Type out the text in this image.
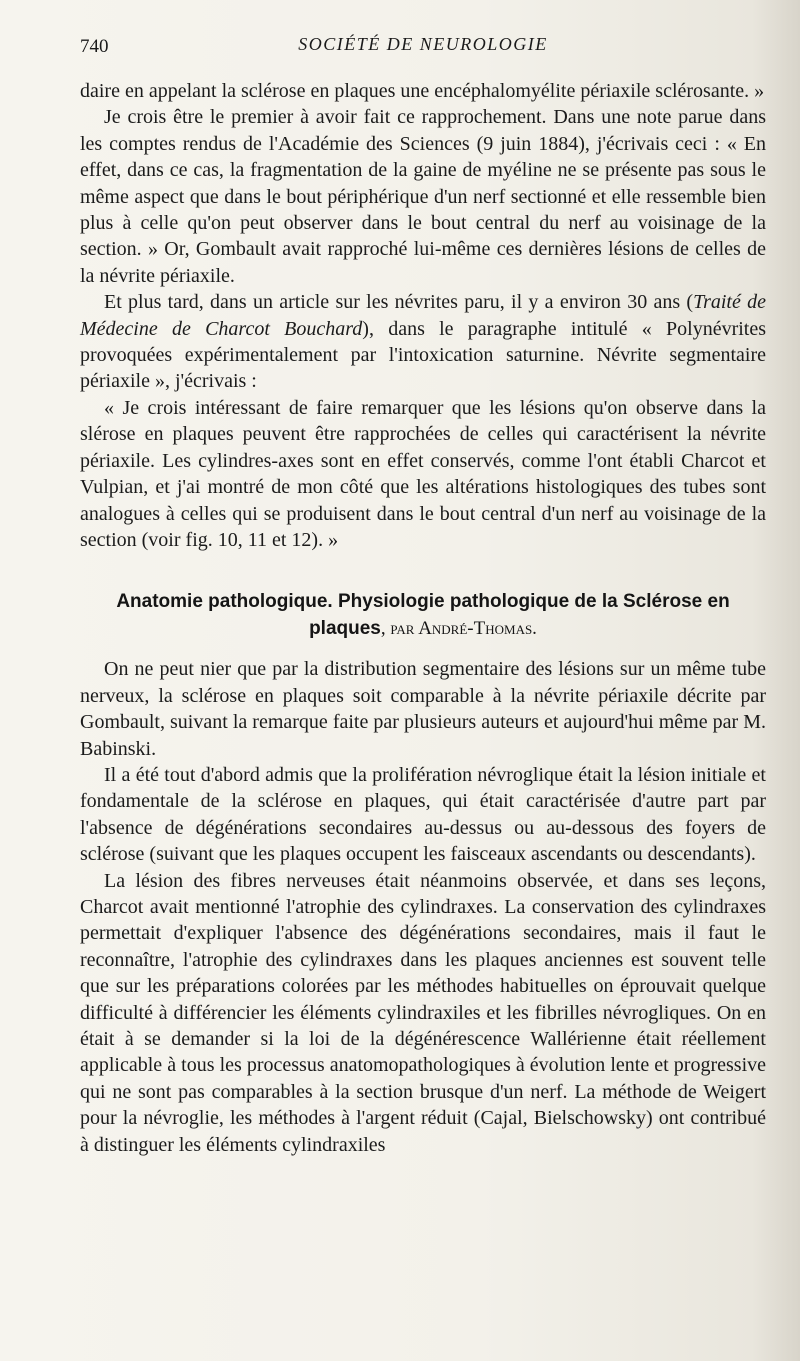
740	SOCIÉTÉ DE NEUROLOGIE

daire en appelant la sclérose en plaques une encéphalomyélite périaxile sclérosante. »

Je crois être le premier à avoir fait ce rapprochement. Dans une note parue dans les comptes rendus de l'Académie des Sciences (9 juin 1884), j'écrivais ceci : « En effet, dans ce cas, la fragmentation de la gaine de myéline ne se présente pas sous le même aspect que dans le bout périphérique d'un nerf sectionné et elle ressemble bien plus à celle qu'on peut observer dans le bout central du nerf au voisinage de la section. » Or, Gombault avait rapproché lui-même ces dernières lésions de celles de la névrite périaxile.

Et plus tard, dans un article sur les névrites paru, il y a environ 30 ans (Traité de Médecine de Charcot Bouchard), dans le paragraphe intitulé « Polynévrites provoquées expérimentalement par l'intoxication saturnine. Névrite segmentaire périaxile », j'écrivais :

« Je crois intéressant de faire remarquer que les lésions qu'on observe dans la slérose en plaques peuvent être rapprochées de celles qui caractérisent la névrite périaxile. Les cylindres-axes sont en effet conservés, comme l'ont établi Charcot et Vulpian, et j'ai montré de mon côté que les altérations histologiques des tubes sont analogues à celles qui se produisent dans le bout central d'un nerf au voisinage de la section (voir fig. 10, 11 et 12). »

Anatomie pathologique. Physiologie pathologique de la Sclérose en plaques, par André-Thomas.

On ne peut nier que par la distribution segmentaire des lésions sur un même tube nerveux, la sclérose en plaques soit comparable à la névrite périaxile décrite par Gombault, suivant la remarque faite par plusieurs auteurs et aujourd'hui même par M. Babinski.

Il a été tout d'abord admis que la prolifération névroglique était la lésion initiale et fondamentale de la sclérose en plaques, qui était caractérisée d'autre part par l'absence de dégénérations secondaires au-dessus ou au-dessous des foyers de sclérose (suivant que les plaques occupent les faisceaux ascendants ou descendants).

La lésion des fibres nerveuses était néanmoins observée, et dans ses leçons, Charcot avait mentionné l'atrophie des cylindraxes. La conservation des cylindraxes permettait d'expliquer l'absence des dégénérations secondaires, mais il faut le reconnaître, l'atrophie des cylindraxes dans les plaques anciennes est souvent telle que sur les préparations colorées par les méthodes habituelles on éprouvait quelque difficulté à différencier les éléments cylindraxiles et les fibrilles névrogliques. On en était à se demander si la loi de la dégénérescence Wallérienne était réellement applicable à tous les processus anatomopathologiques à évolution lente et progressive qui ne sont pas comparables à la section brusque d'un nerf. La méthode de Weigert pour la névroglie, les méthodes à l'argent réduit (Cajal, Bielschowsky) ont contribué à distinguer les éléments cylindraxiles
